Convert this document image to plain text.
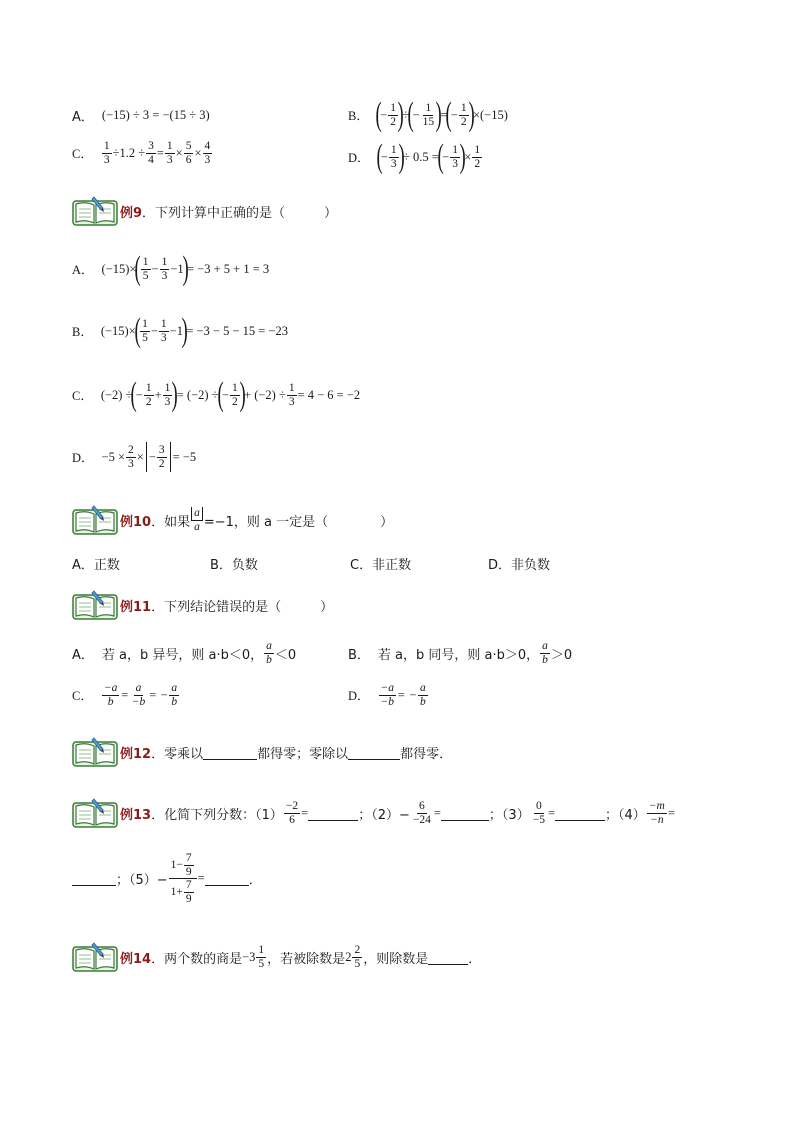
A． (−15) ÷ 3 = −(15 ÷ 3)	B． (
− $\frac{1}{2}$ )
÷
(
− $\frac{1}{15}$ )
=
(
− $\frac{1}{2}$ )
×(−15)
C． $\frac{1}{3} \div 1.2 \div \frac{3}{4} = \frac{1}{3} \times \frac{5}{6} \times \frac{4}{3}$	D． (
− $\frac{1}{3}$ )
÷ 0.5 =
(
− $\frac{1}{3}$ )
× $\frac{1}{2}$
例9 ．下列计算中正确的是（　　　）
A． (−15)×
( $\frac{1}{5} - \frac{1}{3} -1$
)
= −3 + 5 + 1 = 3
B． (−15)×
( $\frac{1}{5} - \frac{1}{3} -1$
)
= −3 − 5 − 15 = −23
C． (−2) ÷
(
− $\frac{1}{2} + \frac{1}{3}$ )
= (−2) ÷
(
− $\frac{1}{2}$ )
+ $(-2) \div \frac{1}{3} = 4 - 6 = -2$
D． $-5 \times \frac{2}{3}$ × − $\frac{3}{2} = -5$
例10 ．如果 $\frac{a}{a} =-1$，则 a 一定是（　　　　）
A．正数	B．负数	C．非正数	D．非负数
例11 ．下列结论错误的是（　　　）
A． 若 a，b 异号，则 a·b＜0， $\frac{a}{b} <0$	B． 若 a，b 同号，则 a·b＞0， $\frac{a}{b} >0$
C． $\frac{-a}{b} = \frac{a}{-b}$ = − $\frac{a}{b}$	D． $\frac{-a}{-b}$ = − $\frac{a}{b}$
例12 ．零乘以	都得零；零除以	都得零．
例13 ．化简下列分数：$(1) \frac{-2}{6}$ =	；$(2)- \frac{6}{-24}$ =	；$(3) \frac{0}{-5}$ =	；$(4) \frac{-m}{-n}$ =
；$(5)- \frac{1- \frac{7}{9}}{1+ \frac{7}{9}}$ =	．
例14 ．两个数的商是 $-3 \frac{1}{5}$ ，若被除数是 $2 \frac{2}{5}$ ，则除数是	．
